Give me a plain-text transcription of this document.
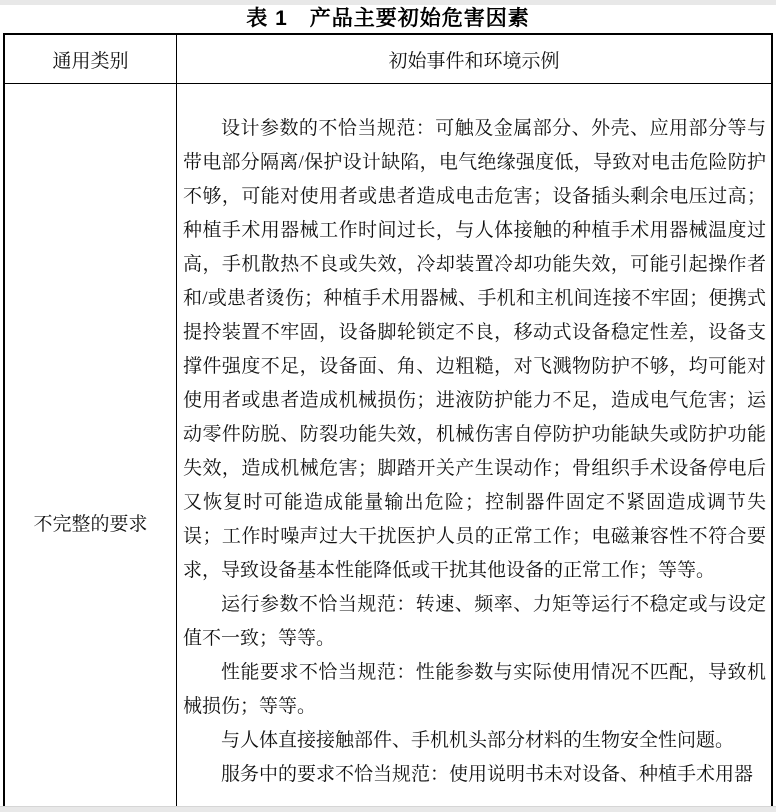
表 1　产品主要初始危害因素
通用类别	初始事件和环境示例
不完整的要求

设计参数的不恰当规范：可触及金属部分、外壳、应用部分等与带电部分隔离/保护设计缺陷，电气绝缘强度低，导致对电击危险防护不够，可能对使用者或患者造成电击危害；设备插头剩余电压过高；种植手术用器械工作时间过长，与人体接触的种植手术用器械温度过高，手机散热不良或失效，冷却装置冷却功能失效，可能引起操作者和/或患者烫伤；种植手术用器械、手机和主机间连接不牢固；便携式提拎装置不牢固，设备脚轮锁定不良，移动式设备稳定性差，设备支撑件强度不足，设备面、角、边粗糙，对飞溅物防护不够，均可能对使用者或患者造成机械损伤；进液防护能力不足，造成电气危害；运动零件防脱、防裂功能失效，机械伤害自停防护功能缺失或防护功能失效，造成机械危害；脚踏开关产生误动作；骨组织手术设备停电后又恢复时可能造成能量输出危险；控制器件固定不紧固造成调节失误；工作时噪声过大干扰医护人员的正常工作；电磁兼容性不符合要求，导致设备基本性能降低或干扰其他设备的正常工作；等等。

运行参数不恰当规范：转速、频率、力矩等运行不稳定或与设定值不一致；等等。

性能要求不恰当规范：性能参数与实际使用情况不匹配，导致机械损伤；等等。

与人体直接接触部件、手机机头部分材料的生物安全性问题。

服务中的要求不恰当规范：使用说明书未对设备、种植手术用器
